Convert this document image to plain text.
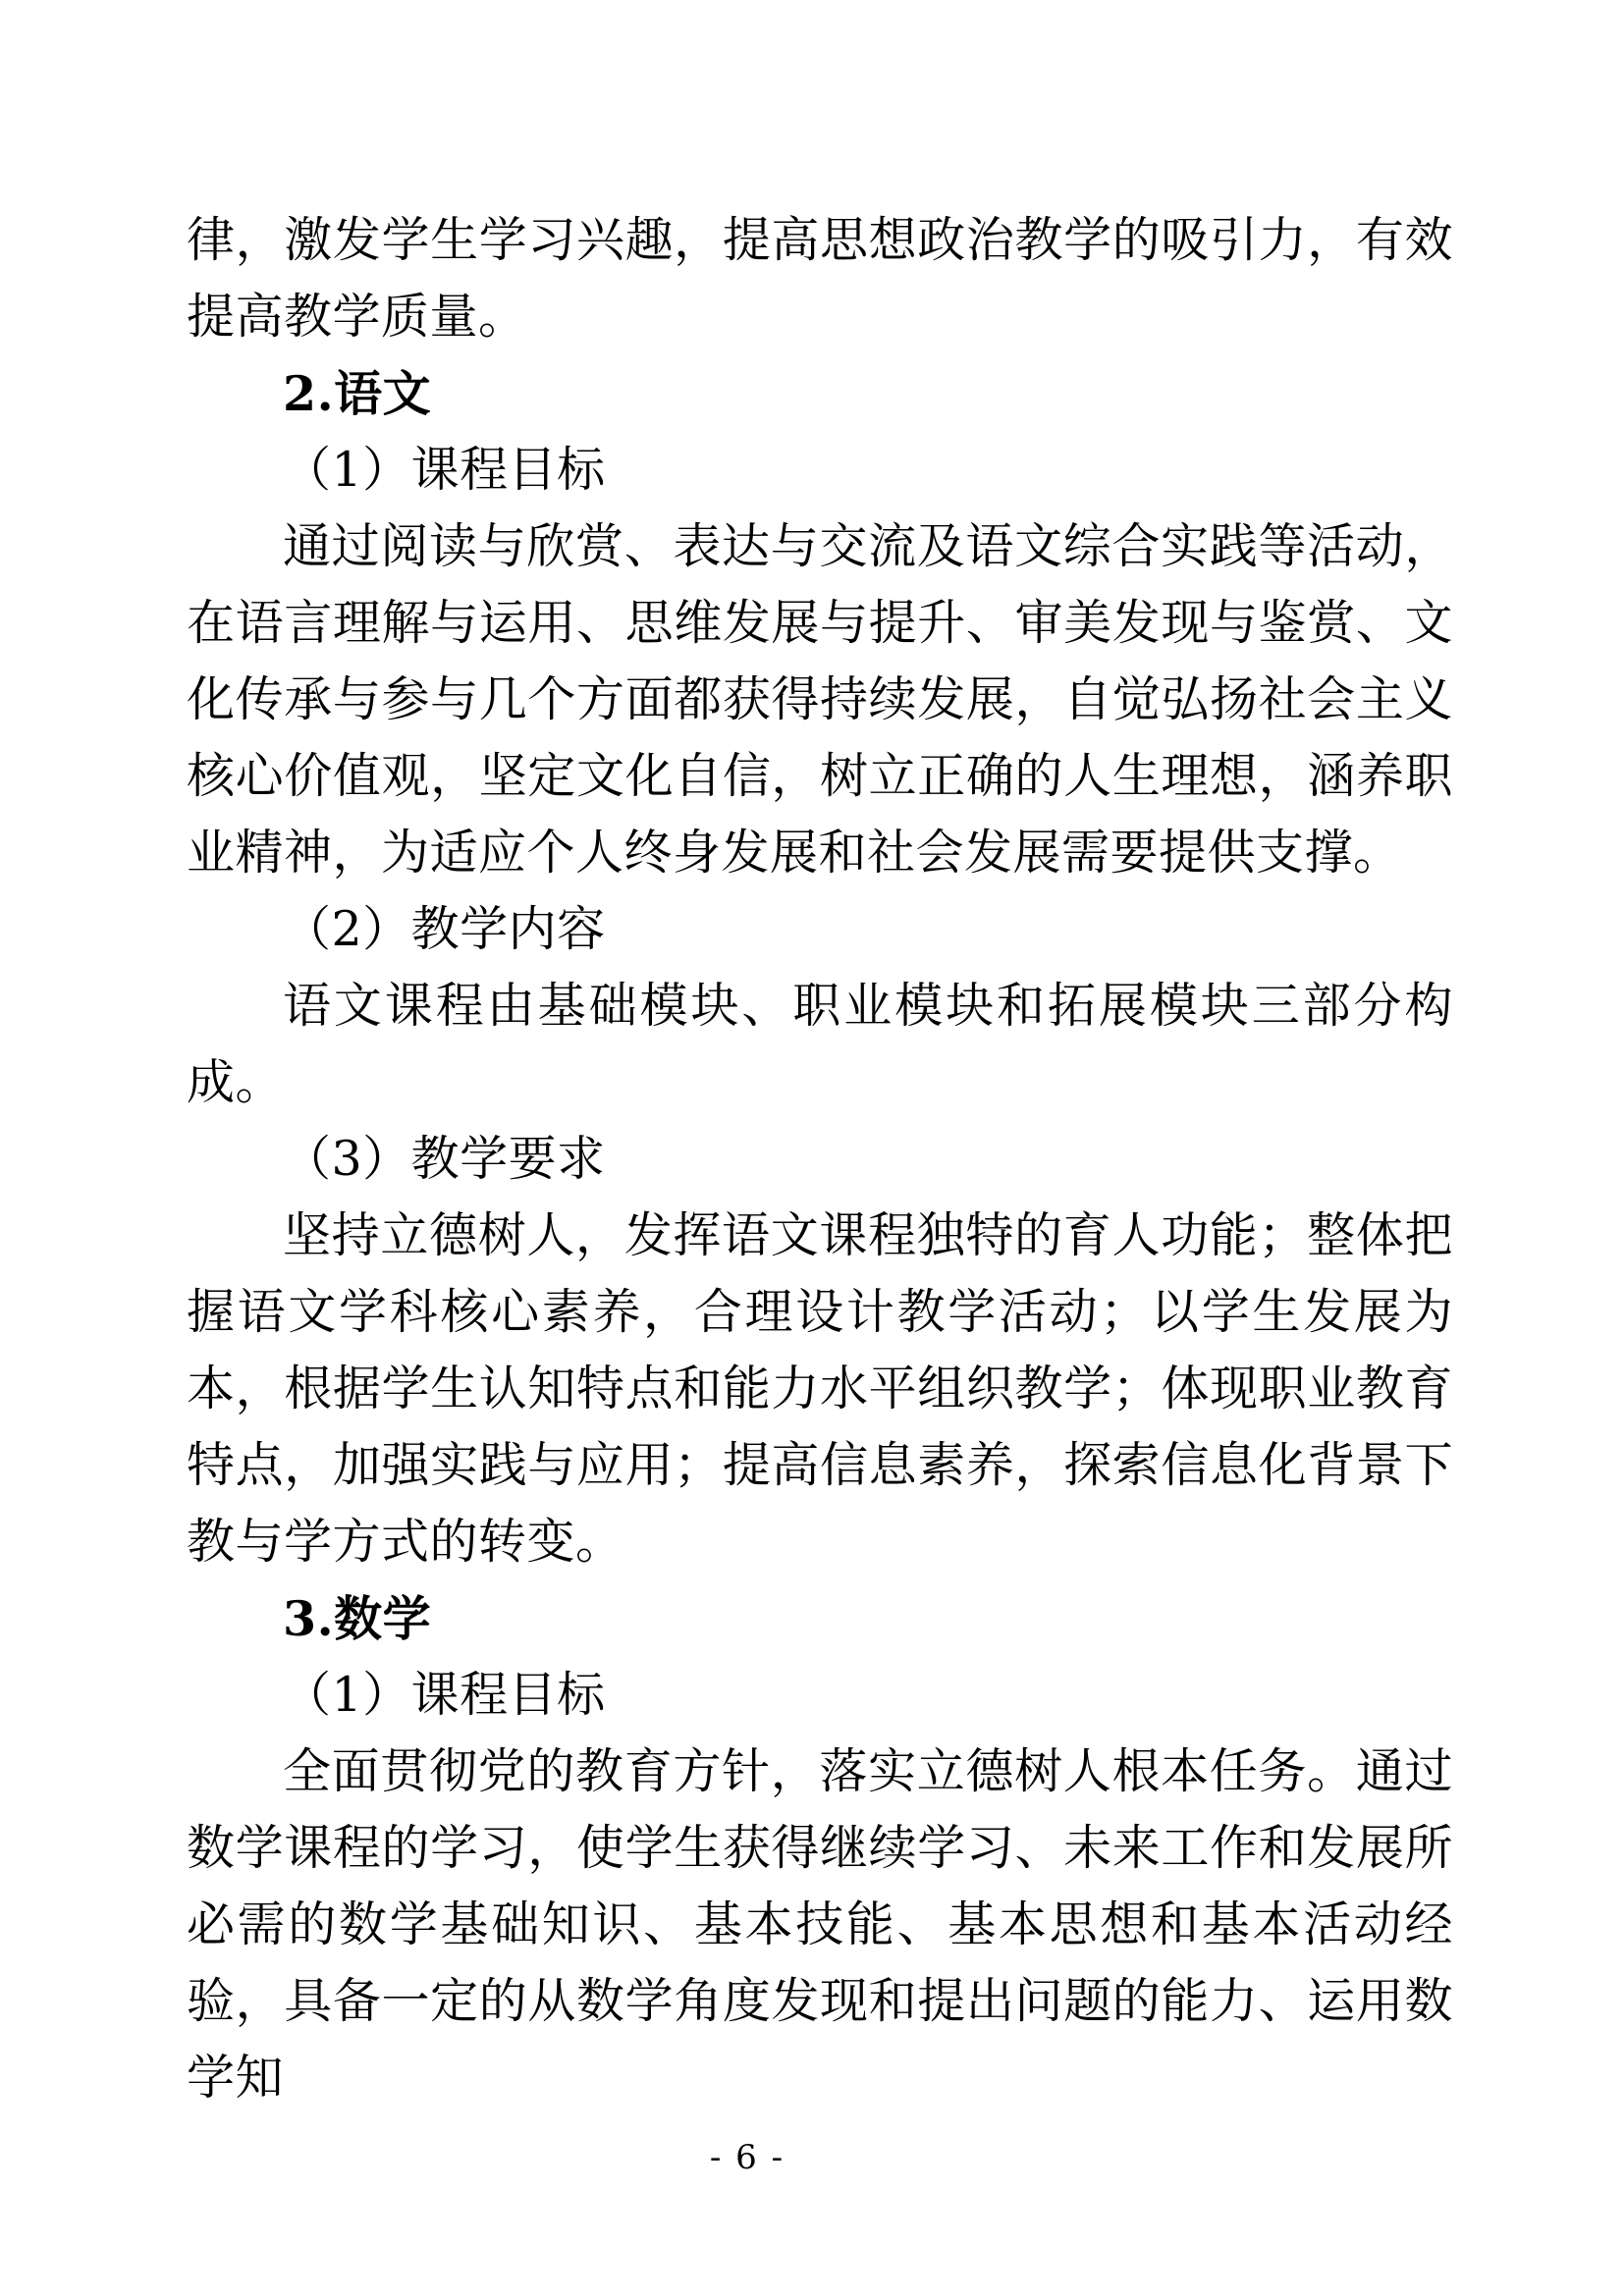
律，激发学生学习兴趣，提高思想政治教学的吸引力，有效提高教学质量。

2.语文

（1）课程目标

通过阅读与欣赏、表达与交流及语文综合实践等活动，在语言理解与运用、思维发展与提升、审美发现与鉴赏、文化传承与参与几个方面都获得持续发展，自觉弘扬社会主义核心价值观，坚定文化自信，树立正确的人生理想，涵养职业精神，为适应个人终身发展和社会发展需要提供支撑。

（2）教学内容

语文课程由基础模块、职业模块和拓展模块三部分构成。

（3）教学要求

坚持立德树人，发挥语文课程独特的育人功能；整体把握语文学科核心素养，合理设计教学活动；以学生发展为本，根据学生认知特点和能力水平组织教学；体现职业教育特点，加强实践与应用；提高信息素养，探索信息化背景下教与学方式的转变。

3.数学

（1）课程目标

全面贯彻党的教育方针，落实立德树人根本任务。通过数学课程的学习，使学生获得继续学习、未来工作和发展所必需的数学基础知识、基本技能、基本思想和基本活动经验，具备一定的从数学角度发现和提出问题的能力、运用数学知

- 6 -
